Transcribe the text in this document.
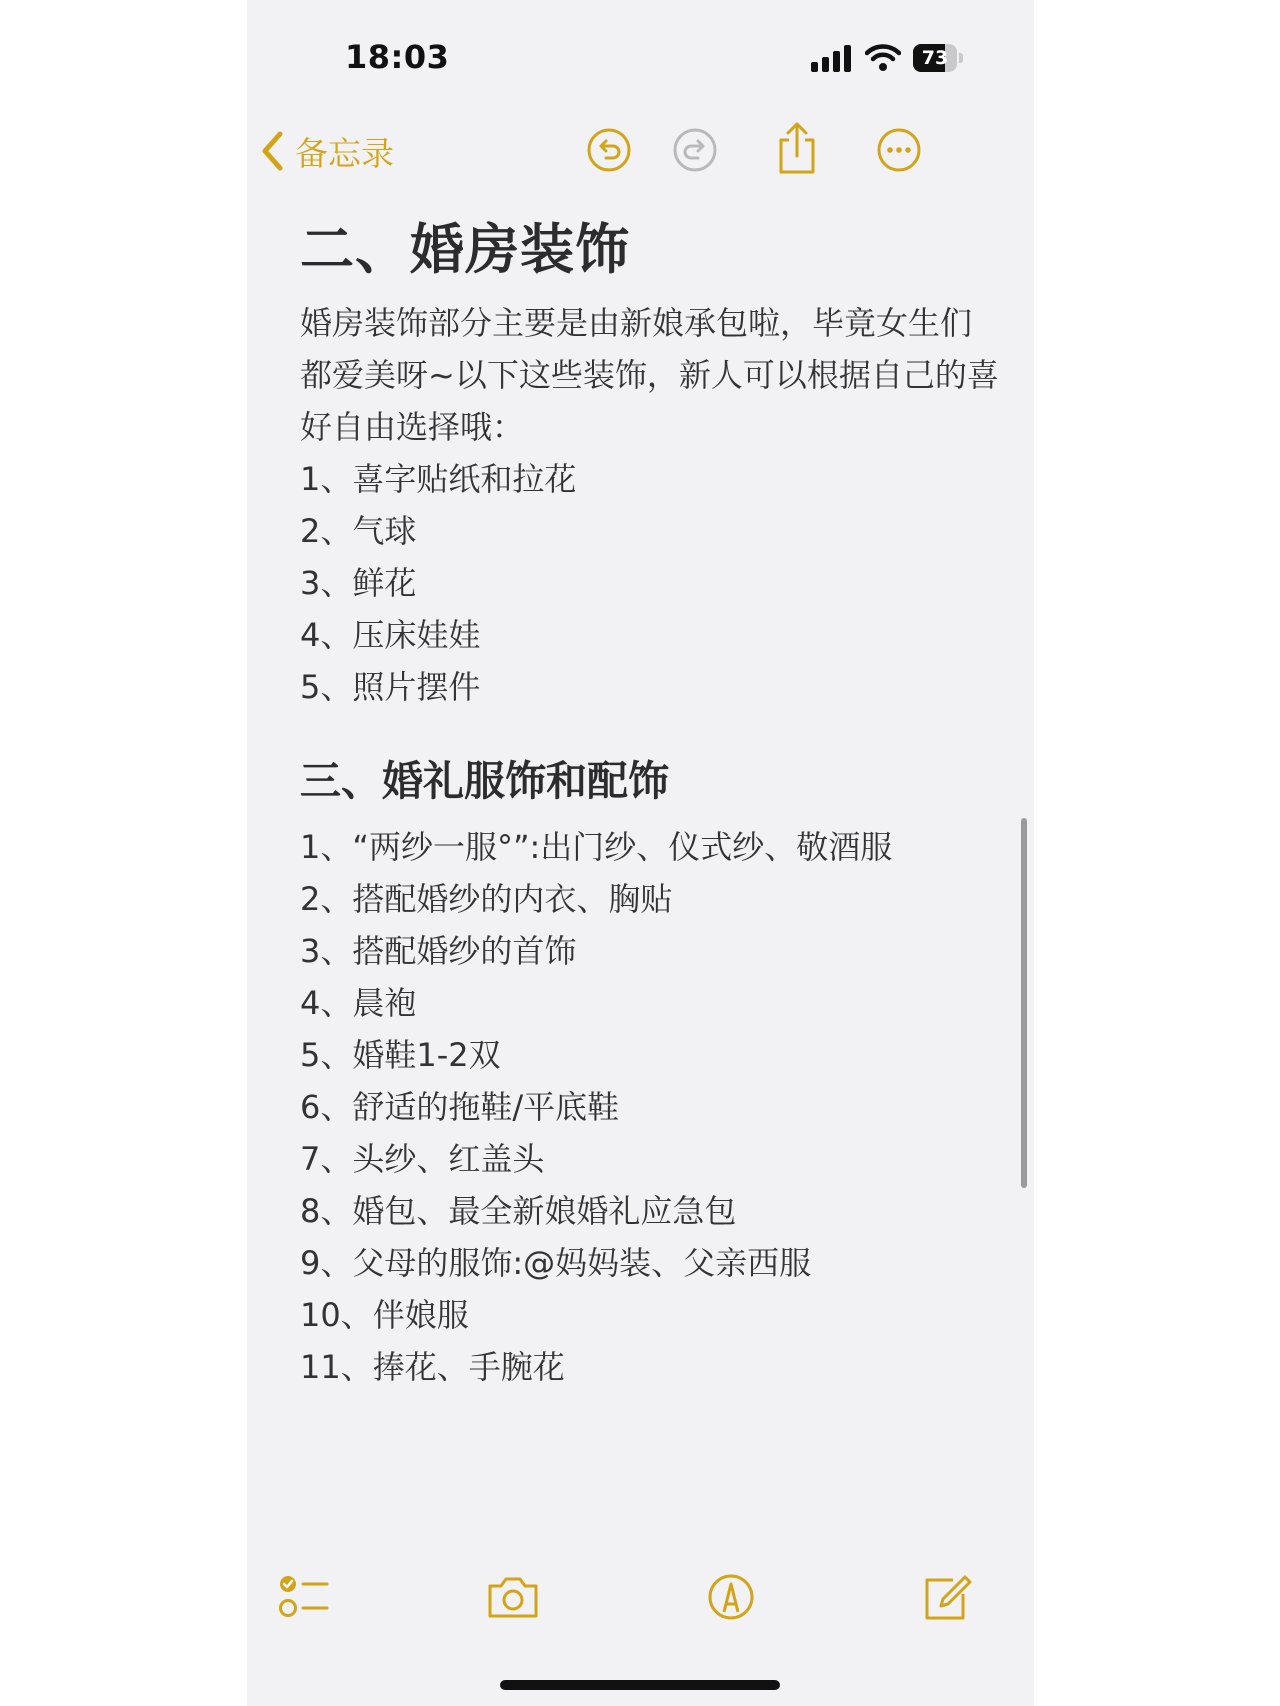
18:03	73
备忘录
二、婚房装饰

婚房装饰部分主要是由新娘承包啦，毕竟女生们都爱美呀~以下这些装饰，新人可以根据自己的喜好自由选择哦：

1、喜字贴纸和拉花
2、气球
3、鲜花
4、压床娃娃
5、照片摆件
三、婚礼服饰和配饰
1、“两纱一服°”:出门纱、仪式纱、敬酒服
2、搭配婚纱的内衣、胸贴
3、搭配婚纱的首饰
4、晨袍
5、婚鞋1-2双
6、舒适的拖鞋/平底鞋
7、头纱、红盖头
8、婚包、最全新娘婚礼应急包
9、父母的服饰:@妈妈装、父亲西服
10、伴娘服
11、捧花、手腕花
